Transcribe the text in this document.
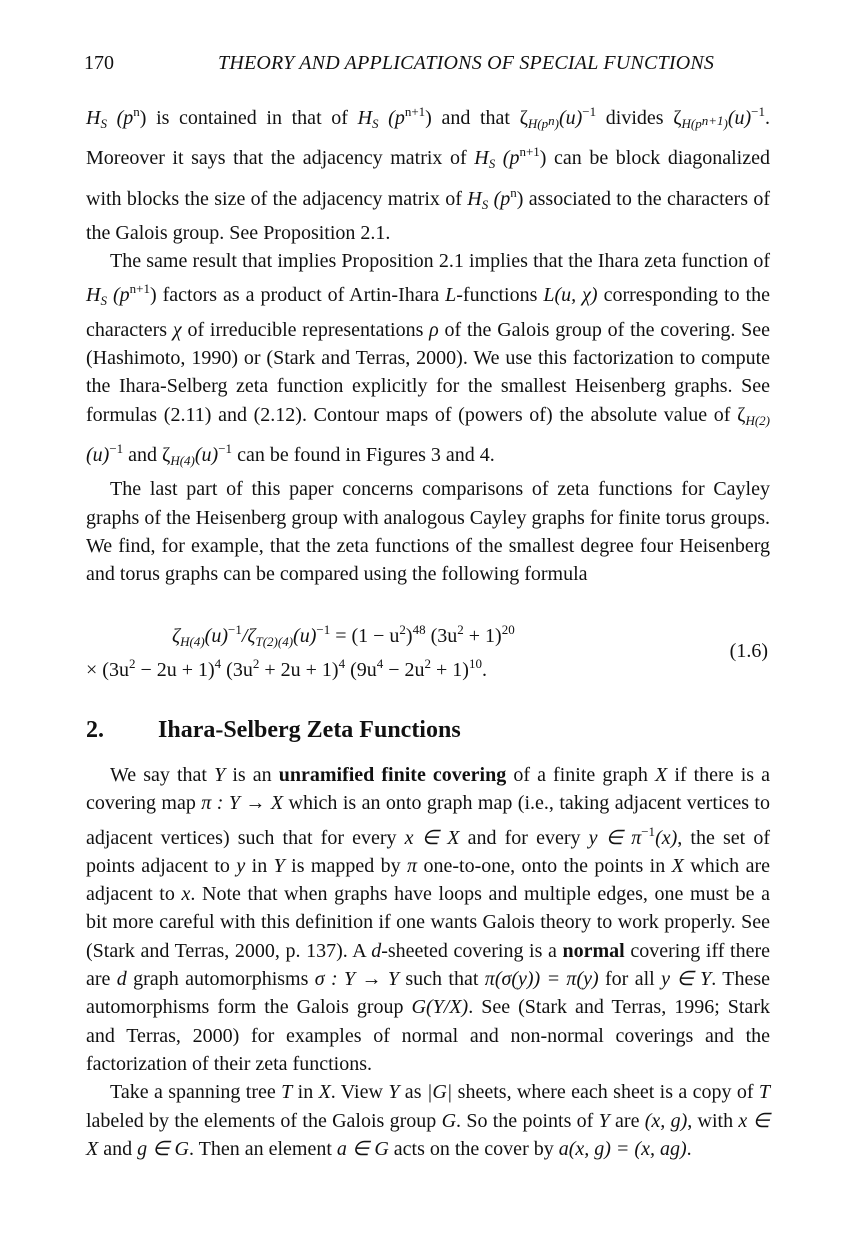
170	THEORY AND APPLICATIONS OF SPECIAL FUNCTIONS

$H_S$ $(p^n)$ is contained in that of $H_S$ $(p^{n+1})$ and that $\zeta_{H(p}n_)(u)^{-1}$ divides $\zeta_{H(p}n+1_)(u)^{-1}$. Moreover it says that the adjacency matrix of $H_S$ $(p^{n+1})$ can be block diagonalized with blocks the size of the adjacency matrix of $H_S$ $(p^n)$ associated to the characters of the Galois group. See Proposition 2.1.

The same result that implies Proposition 2.1 implies that the Ihara zeta function of $H_S$ $(p^{n+1})$ factors as a product of Artin-Ihara L-functions L(u, χ) corresponding to the characters χ of irreducible representations ρ of the Galois group of the covering. See (Hashimoto, 1990) or (Stark and Terras, 2000). We use this factorization to compute the Ihara-Selberg zeta function explicitly for the smallest Heisenberg graphs. See formulas (2.11) and (2.12). Contour maps of (powers of) the absolute value of $\zeta_{H(2)}(u)^{-1}$ and $\zeta_{H(4)}(u)^{-1}$ can be found in Figures 3 and 4.

The last part of this paper concerns comparisons of zeta functions for Cayley graphs of the Heisenberg group with analogous Cayley graphs for finite torus groups. We find, for example, that the zeta functions of the smallest degree four Heisenberg and torus graphs can be compared using the following formula

$\zeta_{H(4)}(u)^{-1}/\zeta_{T(2)(4)}(u)^{-1} = (1 - u^2)^{48}$ $(3u^2 + 1)^{20}$
× $(3u^2 - 2u + 1)^4$ $(3u^2 + 2u + 1)^4$ $(9u^4 - 2u^2 + 1)^{10}$.
(1.6)
2. Ihara-Selberg Zeta Functions

We say that Y is an unramified finite covering of a finite graph X if there is a covering map π : Y → X which is an onto graph map (i.e., taking adjacent vertices to adjacent vertices) such that for every x ∈ X and for every y ∈ $\pi^{-1}(x)$, the set of points adjacent to y in Y is mapped by π one-to-one, onto the points in X which are adjacent to x. Note that when graphs have loops and multiple edges, one must be a bit more careful with this definition if one wants Galois theory to work properly. See (Stark and Terras, 2000, p. 137). A d-sheeted covering is a normal covering iff there are d graph automorphisms σ : Y → Y such that π(σ(y)) = π(y) for all y ∈ Y. These automorphisms form the Galois group G(Y/X). See (Stark and Terras, 1996; Stark and Terras, 2000) for examples of normal and non-normal coverings and the factorization of their zeta functions.

Take a spanning tree T in X. View Y as |G| sheets, where each sheet is a copy of T labeled by the elements of the Galois group G. So the points of Y are (x, g), with x ∈ X and g ∈ G. Then an element a ∈ G acts on the cover by a(x, g) = (x, ag).
